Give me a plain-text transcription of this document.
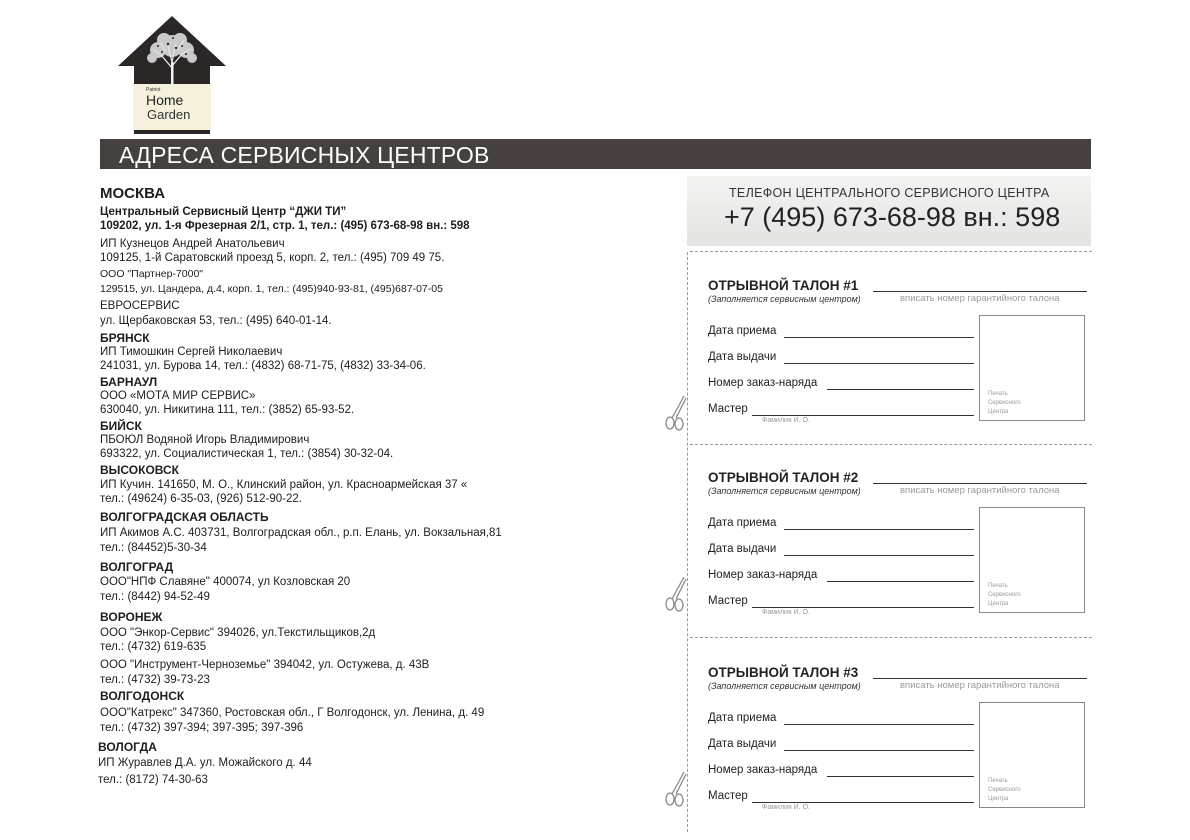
Patriot
Home
Garden
АДРЕСА СЕРВИСНЫХ ЦЕНТРОВ
МОСКВА
Центральный Сервисный Центр “ДЖИ ТИ”
109202, ул. 1-я Фрезерная 2/1, стр. 1, тел.: (495) 673-68-98 вн.: 598
ИП Кузнецов Андрей Анатольевич
109125, 1-й Саратовский проезд 5, корп. 2, тел.: (495) 709 49 75.
ООО "Партнер-7000"
129515, ул. Цандера, д.4, корп. 1, тел.: (495)940-93-81, (495)687-07-05
ЕВРОСЕРВИС
ул. Щербаковская 53, тел.: (495) 640-01-14.
БРЯНСК
ИП Тимошкин Сергей Николаевич
241031, ул. Бурова 14, тел.: (4832) 68-71-75, (4832) 33-34-06.
БАРНАУЛ
ООО «МОТА МИР СЕРВИС»
630040, ул. Никитина 111, тел.: (3852) 65-93-52.
БИЙСК
ПБОЮЛ Водяной Игорь Владимирович
693322, ул. Социалистическая 1, тел.: (3854) 30-32-04.
ВЫСОКОВСК
ИП Кучин. 141650, М. О., Клинский район, ул. Красноармейская 37 «
тел.: (49624) 6-35-03, (926) 512-90-22.
ВОЛГОГРАДСКАЯ ОБЛАСТЬ
ИП Акимов А.С. 403731, Волгоградская обл., р.п. Елань, ул. Вокзальная,81
тел.: (84452)5-30-34
ВОЛГОГРАД
ООО"НПФ Славяне" 400074, ул Козловская 20
тел.: (8442) 94-52-49
ВОРОНЕЖ
ООО "Энкор-Сервис" 394026, ул.Текстильщиков,2д
тел.: (4732) 619-635
ООО "Инструмент-Черноземье" 394042, ул. Остужева, д. 43В
тел.: (4732) 39-73-23
ВОЛГОДОНСК
ООО"Катрекс" 347360, Ростовская обл., Г Волгодонск, ул. Ленина, д. 49
тел.: (4732) 397-394; 397-395; 397-396
ВОЛОГДА
ИП Журавлев Д.А. ул. Можайского д. 44
тел.: (8172) 74-30-63
ТЕЛЕФОН ЦЕНТРАЛЬНОГО СЕРВИСНОГО ЦЕНТРА
+7 (495) 673-68-98 вн.: 598
ОТРЫВНОЙ ТАЛОН #1
(Заполняется сервисным центром)	вписать номер гарантийного талона
Дата приема
Дата выдачи
Номер заказ-наряда
Мастер
Фамилия И. О.
Печать
Сервисного
Центра
ОТРЫВНОЙ ТАЛОН #2
(Заполняется сервисным центром)	вписать номер гарантийного талона
Дата приема
Дата выдачи
Номер заказ-наряда
Мастер
Фамилия И. О.
Печать
Сервисного
Центра
ОТРЫВНОЙ ТАЛОН #3
(Заполняется сервисным центром)	вписать номер гарантийного талона
Дата приема
Дата выдачи
Номер заказ-наряда
Мастер
Фамилия И. О.
Печать
Сервисного
Центра
